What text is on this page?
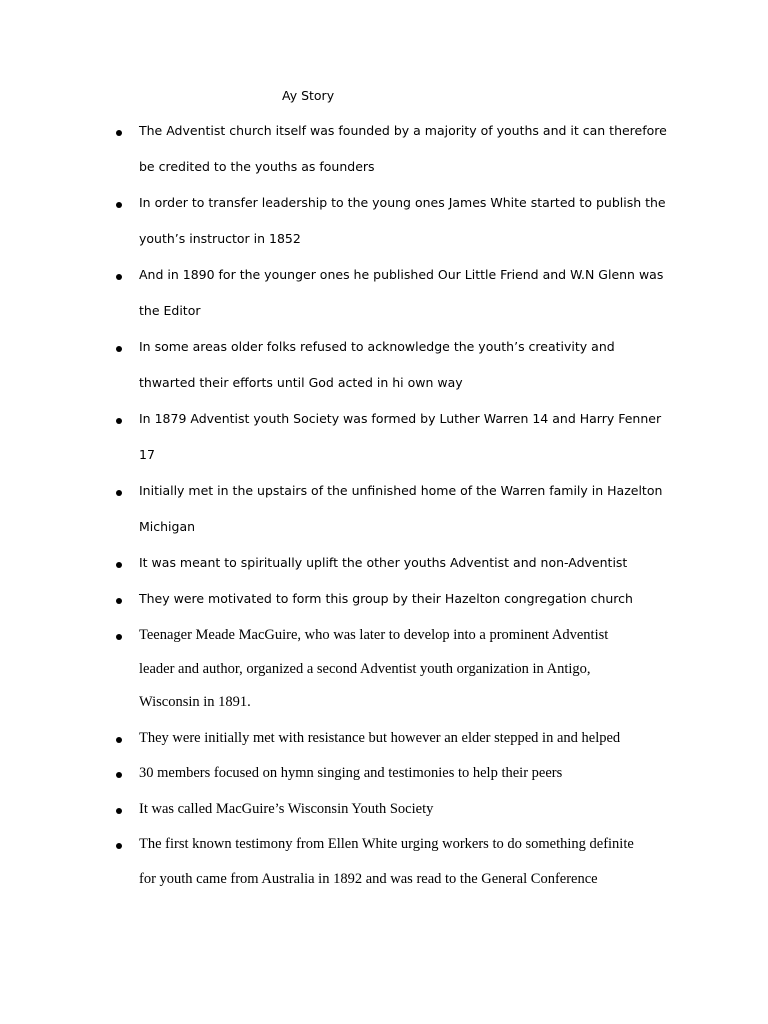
Ay Story
The Adventist church itself was founded by a majority of youths and it can therefore
be credited to the youths as founders
In order to transfer leadership to the young ones James White started to publish the
youth’s instructor in 1852
And in 1890 for the younger ones he published Our Little Friend and W.N Glenn was
the Editor
In some areas older folks refused to acknowledge the youth’s creativity and
thwarted their efforts until God acted in hi own way
In 1879 Adventist youth Society was formed by Luther Warren 14 and Harry Fenner
17
Initially met in the upstairs of the unfinished home of the Warren family in Hazelton
Michigan
It was meant to spiritually uplift the other youths Adventist and non-Adventist
They were motivated to form this group by their Hazelton congregation church
Teenager Meade MacGuire, who was later to develop into a prominent Adventist
leader and author, organized a second Adventist youth organization in Antigo,
Wisconsin in 1891.
They were initially met with resistance but however an elder stepped in and helped
30 members focused on hymn singing and testimonies to help their peers
It was called MacGuire’s Wisconsin Youth Society
The first known testimony from Ellen White urging workers to do something definite
for youth came from Australia in 1892 and was read to the General Conference
